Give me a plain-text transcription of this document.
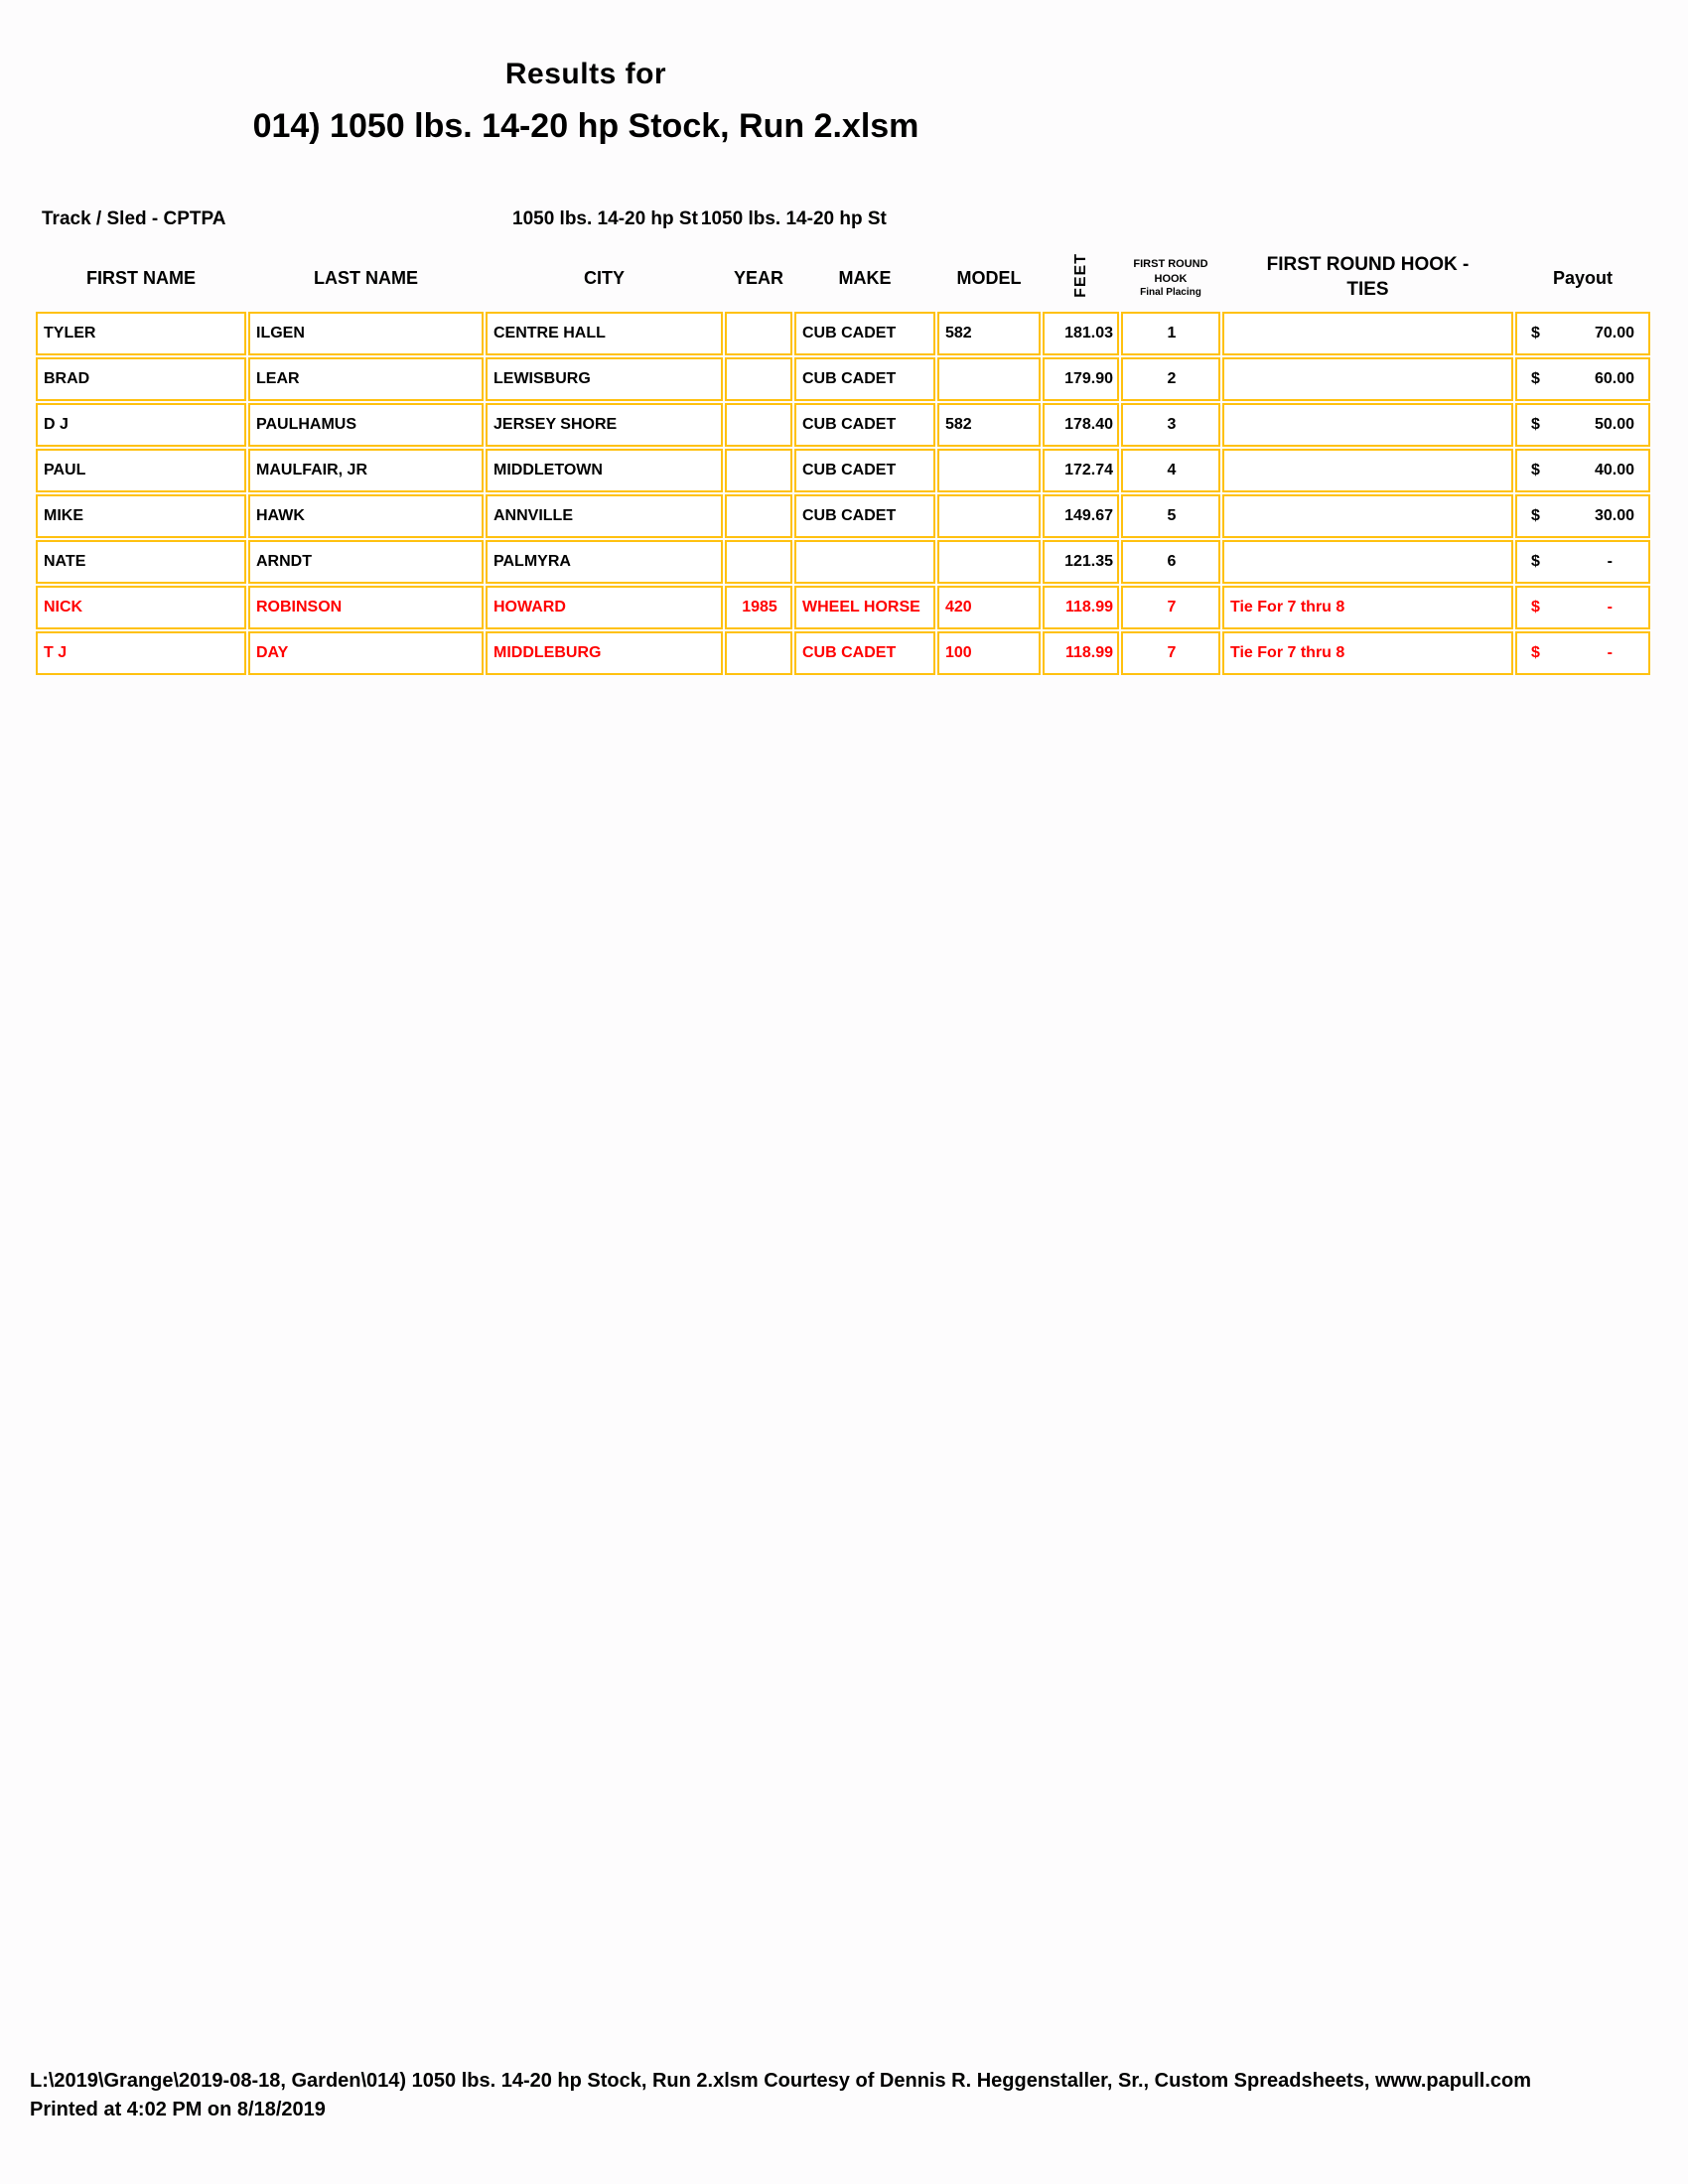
Results for
014) 1050 lbs. 14-20 hp Stock, Run 2.xlsm
Track / Sled - CPTPA	1050 lbs. 14-20 hp St 1050 lbs. 14-20 hp St
FIRST NAME	LAST NAME	CITY	YEAR	MAKE	MODEL	FEET	FIRST ROUND HOOK
Final Placing	FIRST ROUND HOOK - TIES	Payout
TYLER	ILGEN	CENTRE HALL		CUB CADET	582	181.03	1		$ 70.00

BRAD	LEAR	LEWISBURG		CUB CADET		179.90	2		$ 60.00

D J	PAULHAMUS	JERSEY SHORE		CUB CADET	582	178.40	3		$ 50.00

PAUL	MAULFAIR, JR	MIDDLETOWN		CUB CADET		172.74	4		$ 40.00

MIKE	HAWK	ANNVILLE		CUB CADET		149.67	5		$ 30.00

NATE	ARNDT	PALMYRA				121.35	6		$ -

NICK	ROBINSON	HOWARD	1985	WHEEL HORSE	420	118.99	7	Tie For 7 thru 8	$ -

T J	DAY	MIDDLEBURG		CUB CADET	100	118.99	7	Tie For 7 thru 8	$ -
L:\2019\Grange\2019-08-18, Garden\014) 1050 lbs. 14-20 hp Stock, Run 2.xlsm Courtesy of Dennis R. Heggenstaller, Sr., Custom Spreadsheets, www.papull.com
Printed at 4:02 PM on 8/18/2019
